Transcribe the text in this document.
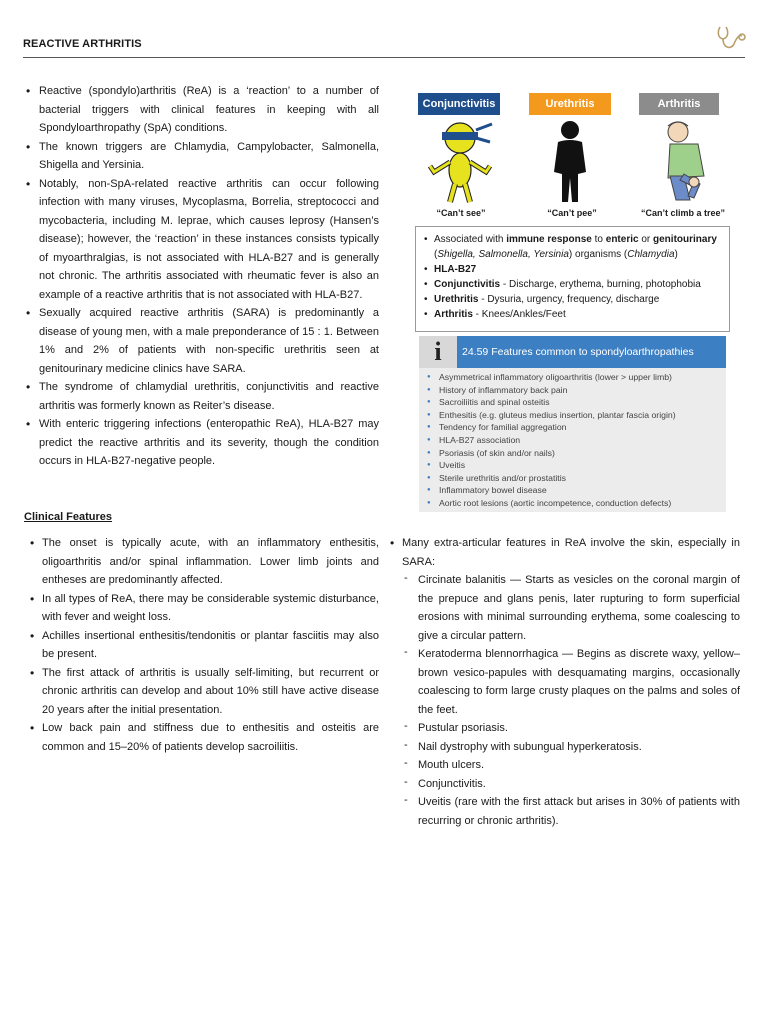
REACTIVE ARTHRITIS
• Reactive (spondylo)arthritis (ReA) is a ‘reaction’ to a number of bacterial triggers with clinical features in keeping with all Spondyloarthropathy (SpA) conditions.
• The known triggers are Chlamydia, Campylobacter, Salmonella, Shigella and Yersinia.
• Notably, non-SpA-related reactive arthritis can occur following infection with many viruses, Mycoplasma, Borrelia, streptococci and mycobacteria, including M. leprae, which causes leprosy (Hansen’s disease); however, the ‘reaction’ in these instances consists typically of myoarthralgias, is not associated with HLA-B27 and is generally not chronic. The arthritis associated with rheumatic fever is also an example of a reactive arthritis that is not associated with HLA-B27.
• Sexually acquired reactive arthritis (SARA) is predominantly a disease of young men, with a male preponderance of 15 : 1. Between 1% and 2% of patients with non-specific urethritis seen at genitourinary medicine clinics have SARA.
• The syndrome of chlamydial urethritis, conjunctivitis and reactive arthritis was formerly known as Reiter’s disease.
• With enteric triggering infections (enteropathic ReA), HLA-B27 may predict the reactive arthritis and its severity, though the condition occurs in HLA-B27-negative people.
Conjunctivitis	Urethritis	Arthritis
“Can’t see”	“Can’t pee”	“Can’t climb a tree”
• Associated with immune response to enteric or genitourinary
(Shigella, Salmonella, Yersinia) organisms (Chlamydia)
• HLA-B27
• Conjunctivitis - Discharge, erythema, burning, photophobia
• Urethritis - Dysuria, urgency, frequency, discharge
• Arthritis - Knees/Ankles/Feet
i	24.59 Features common to spondyloarthropathies
● Asymmetrical inflammatory oligoarthritis (lower > upper limb)
● History of inflammatory back pain
● Sacroiliitis and spinal osteitis
● Enthesitis (e.g. gluteus medius insertion, plantar fascia origin)
● Tendency for familial aggregation
● HLA-B27 association
● Psoriasis (of skin and/or nails)
● Uveitis
● Sterile urethritis and/or prostatitis
● Inflammatory bowel disease
● Aortic root lesions (aortic incompetence, conduction defects)
Clinical Features
• The onset is typically acute, with an inflammatory enthesitis, oligoarthritis and/or spinal inflammation. Lower limb joints and entheses are predominantly affected.
• In all types of ReA, there may be considerable systemic disturbance, with fever and weight loss.
• Achilles insertional enthesitis/tendonitis or plantar fasciitis may also be present.
• The first attack of arthritis is usually self-limiting, but recurrent or chronic arthritis can develop and about 10% still have active disease 20 years after the initial presentation.
• Low back pain and stiffness due to enthesitis and osteitis are common and 15–20% of patients develop sacroiliitis.
• Many extra-articular features in ReA involve the skin, especially in SARA:
- Circinate balanitis — Starts as vesicles on the coronal margin of the prepuce and glans penis, later rupturing to form superficial erosions with minimal surrounding erythema, some coalescing to give a circular pattern.
- Keratoderma blennorrhagica — Begins as discrete waxy, yellow–brown vesico-papules with desquamating margins, occasionally coalescing to form large crusty plaques on the palms and soles of the feet.
- Pustular psoriasis.
- Nail dystrophy with subungual hyperkeratosis.
- Mouth ulcers.
- Conjunctivitis.
- Uveitis (rare with the first attack but arises in 30% of patients with recurring or chronic arthritis).
